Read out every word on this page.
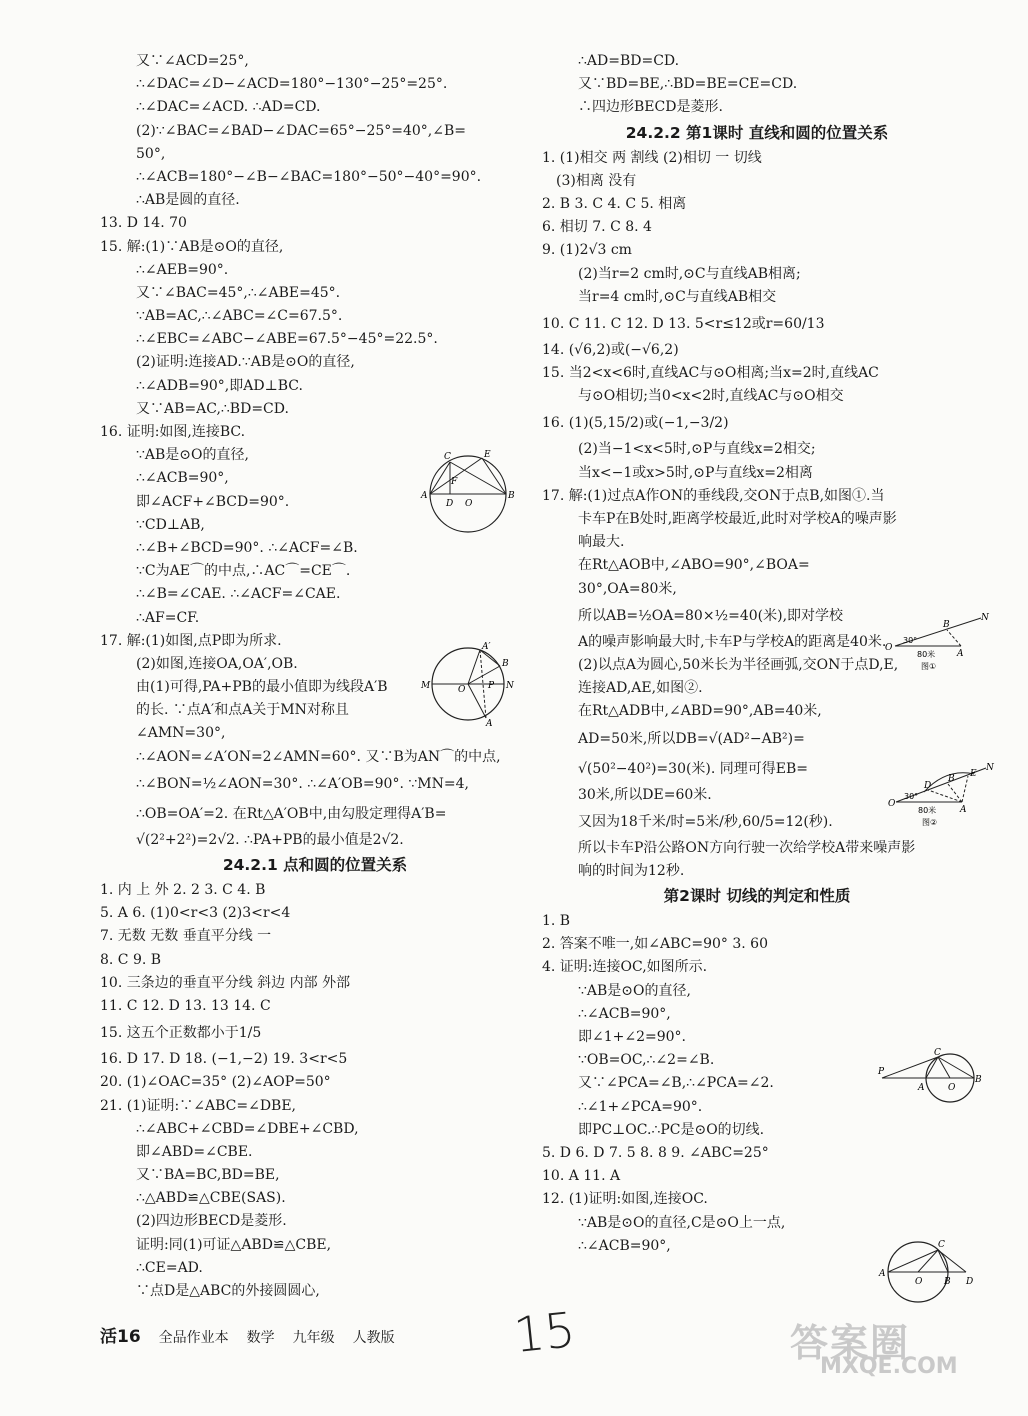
又∵∠ACD=25°,
∴∠DAC=∠D−∠ACD=180°−130°−25°=25°.
∴∠DAC=∠ACD. ∴AD=CD.
(2)∵∠BAC=∠BAD−∠DAC=65°−25°=40°,∠B=
50°,
∴∠ACB=180°−∠B−∠BAC=180°−50°−40°=90°.
∴AB是圆的直径.
13. D 14. 70
15. 解:(1)∵AB是⊙O的直径,
∴∠AEB=90°.
又∵∠BAC=45°,∴∠ABE=45°.
∵AB=AC,∴∠ABC=∠C=67.5°.
∴∠EBC=∠ABC−∠ABE=67.5°−45°=22.5°.
(2)证明:连接AD.∵AB是⊙O的直径,
∴∠ADB=90°,即AD⊥BC.
又∵AB=AC,∴BD=CD.
16. 证明:如图,连接BC.
∵AB是⊙O的直径,
∴∠ACB=90°,
即∠ACF+∠BCD=90°.
∵CD⊥AB,
∴∠B+∠BCD=90°. ∴∠ACF=∠B.
∵C为AE⌒的中点,∴AC⌒=CE⌒.
∴∠B=∠CAE. ∴∠ACF=∠CAE.
∴AF=CF.
17. 解:(1)如图,点P即为所求.
(2)如图,连接OA,OA′,OB.
由(1)可得,PA+PB的最小值即为线段A′B
的长. ∵点A′和点A关于MN对称且
∠AMN=30°,
∴∠AON=∠A′ON=2∠AMN=60°. 又∵B为AN⌒的中点,
∴∠BON=½∠AON=30°. ∴∠A′OB=90°. ∵MN=4,
∴OB=OA′=2. 在Rt△A′OB中,由勾股定理得A′B=
√(2²+2²)=2√2. ∴PA+PB的最小值是2√2.
24.2.1 点和圆的位置关系
1. 内 上 外 2. 2 3. C 4. B
5. A 6. (1)0<r<3 (2)3<r<4
7. 无数 无数 垂直平分线 一
8. C 9. B
10. 三条边的垂直平分线 斜边 内部 外部
11. C 12. D 13. 13 14. C
15. 这五个正数都小于1/5
16. D 17. D 18. (−1,−2) 19. 3<r<5
20. (1)∠OAC=35° (2)∠AOP=50°
21. (1)证明:∵∠ABC=∠DBE,
∴∠ABC+∠CBD=∠DBE+∠CBD,
即∠ABD=∠CBE.
又∵BA=BC,BD=BE,
∴△ABD≌△CBE(SAS).
(2)四边形BECD是菱形.
证明:同(1)可证△ABD≌△CBE,
∴CE=AD.
∵点D是△ABC的外接圆圆心,
∴AD=BD=CD.
又∵BD=BE,∴BD=BE=CE=CD.
∴四边形BECD是菱形.
24.2.2 第1课时 直线和圆的位置关系
1. (1)相交 两 割线 (2)相切 一 切线
(3)相离 没有
2. B 3. C 4. C 5. 相离
6. 相切 7. C 8. 4
9. (1)2√3 cm
(2)当r=2 cm时,⊙C与直线AB相离;
当r=4 cm时,⊙C与直线AB相交
10. C 11. C 12. D 13. 5<r≤12或r=60/13
14. (√6,2)或(−√6,2)
15. 当2<x<6时,直线AC与⊙O相离;当x=2时,直线AC
与⊙O相切;当0<x<2时,直线AC与⊙O相交
16. (1)(5,15/2)或(−1,−3/2)
(2)当−1<x<5时,⊙P与直线x=2相交;
当x<−1或x>5时,⊙P与直线x=2相离
17. 解:(1)过点A作ON的垂线段,交ON于点B,如图①.当
卡车P在B处时,距离学校最近,此时对学校A的噪声影
响最大.
在Rt△AOB中,∠ABO=90°,∠BOA=
30°,OA=80米,
所以AB=½OA=80×½=40(米),即对学校
A的噪声影响最大时,卡车P与学校A的距离是40米.
(2)以点A为圆心,50米长为半径画弧,交ON于点D,E,
连接AD,AE,如图②.
在Rt△ADB中,∠ABD=90°,AB=40米,
AD=50米,所以DB=√(AD²−AB²)=
√(50²−40²)=30(米). 同理可得EB=
30米,所以DE=60米.
又因为18千米/时=5米/秒,60/5=12(秒).
所以卡车P沿公路ON方向行驶一次给学校A带来噪声影
响的时间为12秒.
第2课时 切线的判定和性质
1. B
2. 答案不唯一,如∠ABC=90° 3. 60
4. 证明:连接OC,如图所示.
∵AB是⊙O的直径,
∴∠ACB=90°,
即∠1+∠2=90°.
∵OB=OC,∴∠2=∠B.
又∵∠PCA=∠B,∴∠PCA=∠2.
∴∠1+∠PCA=90°.
即PC⊥OC.∴PC是⊙O的切线.
5. D 6. D 7. 5 8. 8 9. ∠ABC=25°
10. A 11. A
12. (1)证明:如图,连接OC.
∵AB是⊙O的直径,C是⊙O上一点,
∴∠ACB=90°,
C	E
A	B
D O
F
A′
M	N
O
A
B
P
O
N
B
A
30°
80米
图①
O
N
E
B
D
A
30°
80米
图②
P
C
A	O
B
C
A
O B D
活16 全品作业本 数学 九年级 人教版 15	答案圈
MXQE.COM
